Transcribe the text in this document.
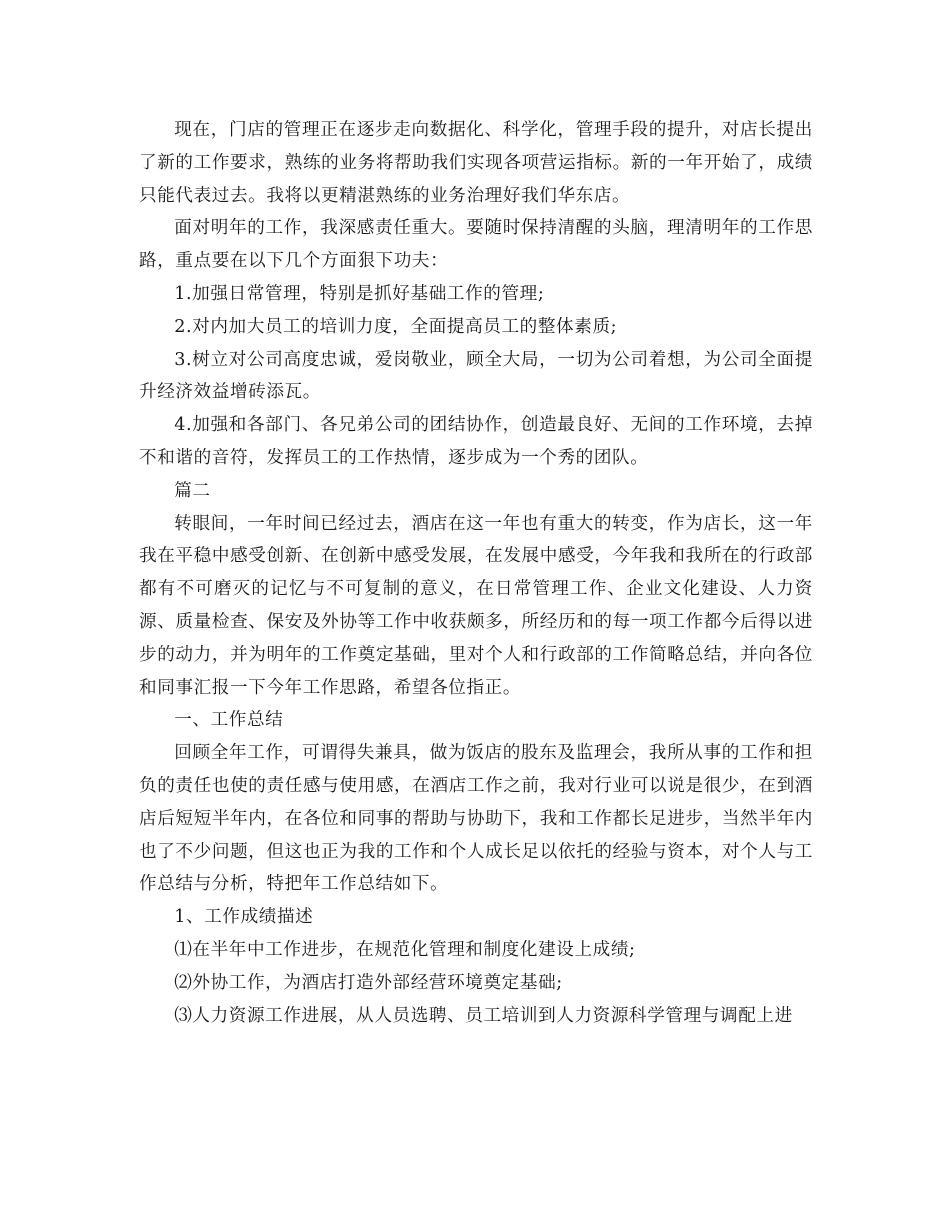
现在，门店的管理正在逐步走向数据化、科学化，管理手段的提升，对店长提出了新的工作要求，熟练的业务将帮助我们实现各项营运指标。新的一年开始了，成绩只能代表过去。我将以更精湛熟练的业务治理好我们华东店。

面对明年的工作，我深感责任重大。要随时保持清醒的头脑，理清明年的工作思路，重点要在以下几个方面狠下功夫：

1.加强日常管理，特别是抓好基础工作的管理;

2.对内加大员工的培训力度，全面提高员工的整体素质;

3.树立对公司高度忠诚，爱岗敬业，顾全大局，一切为公司着想，为公司全面提升经济效益增砖添瓦。

4.加强和各部门、各兄弟公司的团结协作，创造最良好、无间的工作环境，去掉不和谐的音符，发挥员工的工作热情，逐步成为一个秀的团队。

篇二

转眼间，一年时间已经过去，酒店在这一年也有重大的转变，作为店长，这一年我在平稳中感受创新、在创新中感受发展，在发展中感受，今年我和我所在的行政部都有不可磨灭的记忆与不可复制的意义，在日常管理工作、企业文化建设、人力资源、质量检查、保安及外协等工作中收获颇多，所经历和的每一项工作都今后得以进步的动力，并为明年的工作奠定基础，里对个人和行政部的工作简略总结，并向各位和同事汇报一下今年工作思路，希望各位指正。

一、工作总结

回顾全年工作，可谓得失兼具，做为饭店的股东及监理会，我所从事的工作和担负的责任也使的责任感与使用感，在酒店工作之前，我对行业可以说是很少，在到酒店后短短半年内，在各位和同事的帮助与协助下，我和工作都长足进步，当然半年内也了不少问题，但这也正为我的工作和个人成长足以依托的经验与资本，对个人与工作总结与分析，特把年工作总结如下。

1、工作成绩描述

⑴在半年中工作进步，在规范化管理和制度化建设上成绩;

⑵外协工作，为酒店打造外部经营环境奠定基础;

⑶人力资源工作进展，从人员选聘、员工培训到人力资源科学管理与调配上进
